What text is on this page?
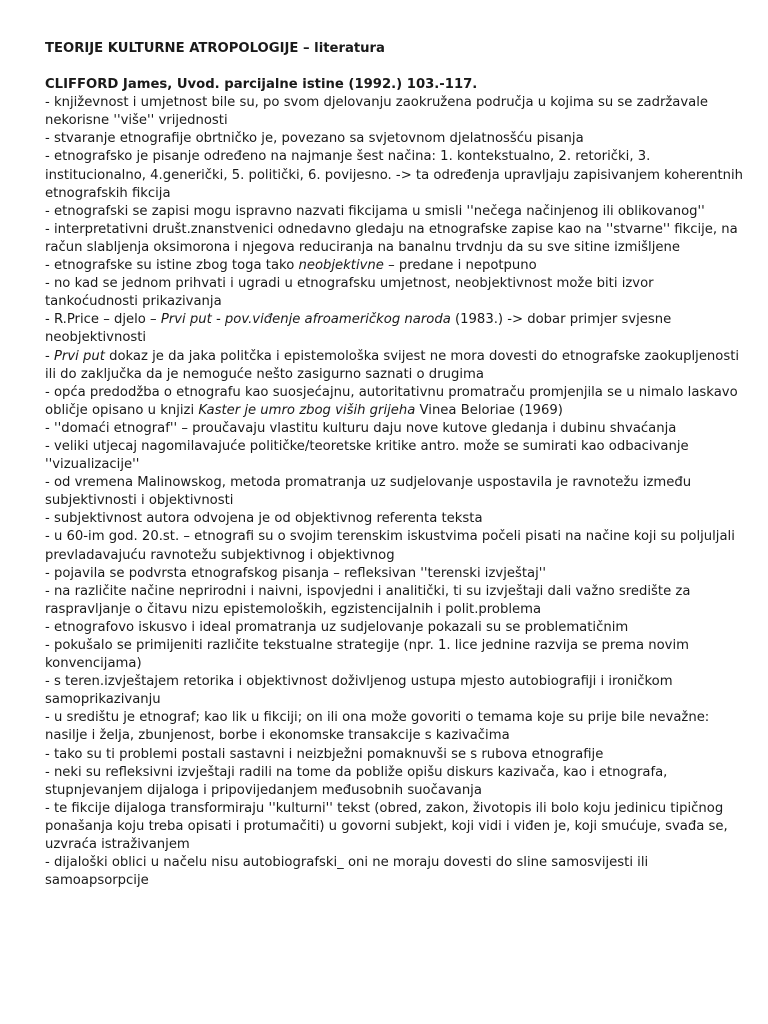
TEORIJE KULTURNE ATROPOLOGIJE – literatura

CLIFFORD James, Uvod. parcijalne istine (1992.) 103.-117.

- književnost i umjetnost bile su, po svom djelovanju zaokružena područja u kojima su se zadržavale nekorisne ''više'' vrijednosti

- stvaranje etnografije obrtničko je, povezano sa svjetovnom djelatnosšću pisanja

- etnografsko je pisanje određeno na najmanje šest načina: 1. kontekstualno, 2. retorički, 3. institucionalno, 4.generički, 5. politički, 6. povijesno. -> ta određenja upravljaju zapisivanjem koherentnih etnografskih fikcija

- etnografski se zapisi mogu ispravno nazvati fikcijama u smisli ''nečega načinjenog ili oblikovanog''

- interpretativni društ.znanstvenici odnedavno gledaju na etnografske zapise kao na ''stvarne'' fikcije, na račun slabljenja oksimorona i njegova reduciranja na banalnu trvdnju da su sve sitine izmišljene

- etnografske su istine zbog toga tako neobjektivne – predane i nepotpuno

- no kad se jednom prihvati i ugradi u etnografsku umjetnost, neobjektivnost može biti izvor tankoćudnosti prikazivanja

- R.Price – djelo – Prvi put - pov.viđenje afroameričkog naroda (1983.) -> dobar primjer svjesne neobjektivnosti

- Prvi put dokaz je da jaka politčka i epistemološka svijest ne mora dovesti do etnografske zaokupljenosti ili do zaključka da je nemoguće nešto zasigurno saznati o drugima

- opća predodžba o etnografu kao suosjećajnu, autoritativnu promatraču promjenjila se u nimalo laskavo obličje opisano u knjizi Kaster je umro zbog viših grijeha Vinea Beloriae (1969)

- ''domaći etnograf'' – proučavaju vlastitu kulturu daju nove kutove gledanja i dubinu shvaćanja

- veliki utjecaj nagomilavajuće političke/teoretske kritike antro. može se sumirati kao odbacivanje ''vizualizacije''

- od vremena Malinowskog, metoda promatranja uz sudjelovanje uspostavila je ravnotežu između subjektivnosti i objektivnosti

- subjektivnost autora odvojena je od objektivnog referenta teksta

- u 60-im god. 20.st. – etnografi su o svojim terenskim iskustvima počeli pisati na načine koji su poljuljali prevladavajuću ravnotežu subjektivnog i objektivnog

- pojavila se podvrsta etnografskog pisanja – refleksivan ''terenski izvještaj''

- na različite načine neprirodni i naivni, ispovjedni i analitički, ti su izvještaji dali važno središte za raspravljanje o čitavu nizu epistemoloških, egzistencijalnih i polit.problema

- etnografovo iskusvo i ideal promatranja uz sudjelovanje pokazali su se problematičnim

- pokušalo se primijeniti različite tekstualne strategije (npr. 1. lice jednine razvija se prema novim konvencijama)

- s teren.izvještajem retorika i objektivnost doživljenog ustupa mjesto autobiografiji i ironičkom samoprikazivanju

- u središtu je etnograf; kao lik u fikciji; on ili ona može govoriti o temama koje su prije bile nevažne: nasilje i želja, zbunjenost, borbe i ekonomske transakcije s kazivačima

- tako su ti problemi postali sastavni i neizbježni pomaknuvši se s rubova etnografije

- neki su refleksivni izvještaji radili na tome da pobliže opišu diskurs kazivača, kao i etnografa, stupnjevanjem dijaloga i pripovijedanjem međusobnih suočavanja

- te fikcije dijaloga transformiraju ''kulturni'' tekst (obred, zakon, životopis ili bolo koju jedinicu tipičnog ponašanja koju treba opisati i protumačiti) u govorni subjekt, koji vidi i viđen je, koji smućuje, svađa se, uzvraća istraživanjem

- dijaloški oblici u načelu nisu autobiografski_ oni ne moraju dovesti do sline samosvijesti ili samoapsorpcije
